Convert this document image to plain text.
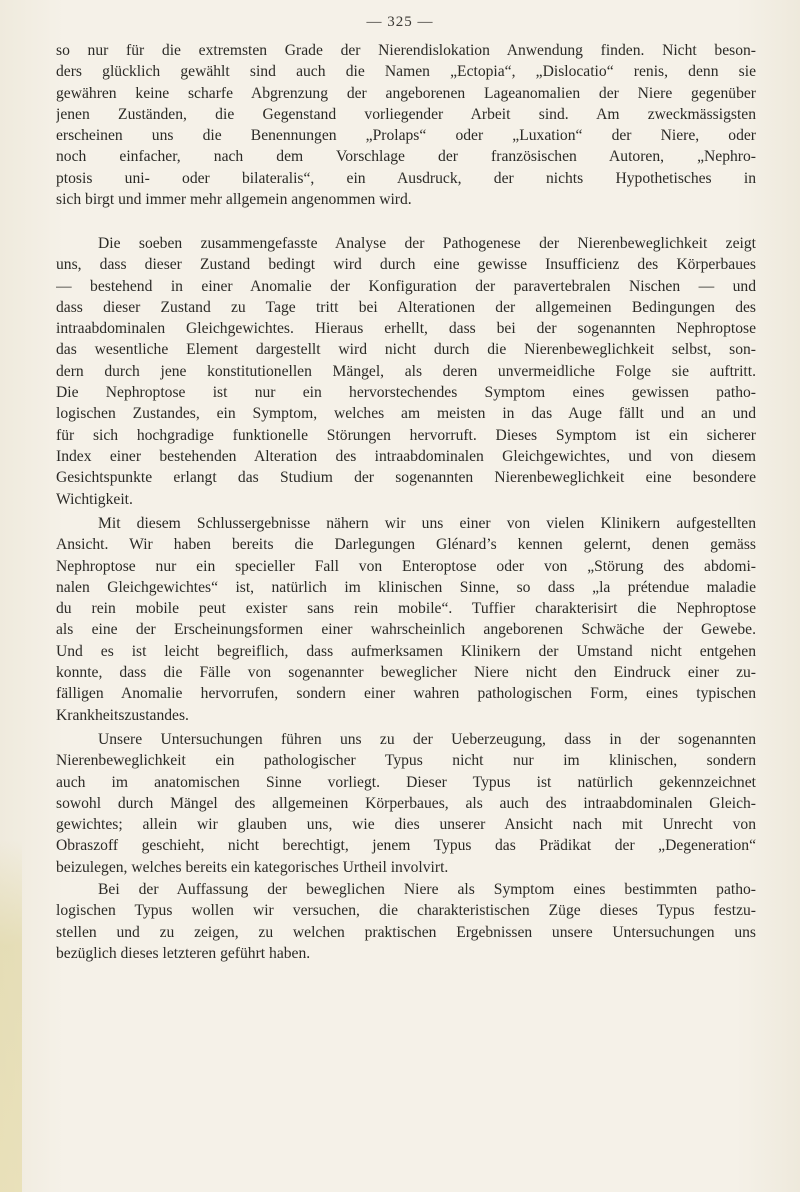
— 325 —
so nur für die extremsten Grade der Nierendislokation Anwendung finden. Nicht beson-
ders glücklich gewählt sind auch die Namen „Ectopia“, „Dislocatio“ renis, denn sie
gewähren keine scharfe Abgrenzung der angeborenen Lageanomalien der Niere gegenüber
jenen Zuständen, die Gegenstand vorliegender Arbeit sind. Am zweckmässigsten
erscheinen uns die Benennungen „Prolaps“ oder „Luxation“ der Niere, oder
noch einfacher, nach dem Vorschlage der französischen Autoren, „Nephro-
ptosis uni- oder bilateralis“, ein Ausdruck, der nichts Hypothetisches in
sich birgt und immer mehr allgemein angenommen wird.
Die soeben zusammengefasste Analyse der Pathogenese der Nierenbeweglichkeit zeigt
uns, dass dieser Zustand bedingt wird durch eine gewisse Insufficienz des Körperbaues
— bestehend in einer Anomalie der Konfiguration der paravertebralen Nischen — und
dass dieser Zustand zu Tage tritt bei Alterationen der allgemeinen Bedingungen des
intraabdominalen Gleichgewichtes. Hieraus erhellt, dass bei der sogenannten Nephroptose
das wesentliche Element dargestellt wird nicht durch die Nierenbeweglichkeit selbst, son-
dern durch jene konstitutionellen Mängel, als deren unvermeidliche Folge sie auftritt.
Die Nephroptose ist nur ein hervorstechendes Symptom eines gewissen patho-
logischen Zustandes, ein Symptom, welches am meisten in das Auge fällt und an und
für sich hochgradige funktionelle Störungen hervorruft. Dieses Symptom ist ein sicherer
Index einer bestehenden Alteration des intraabdominalen Gleichgewichtes, und von diesem
Gesichtspunkte erlangt das Studium der sogenannten Nierenbeweglichkeit eine besondere
Wichtigkeit.
Mit diesem Schlussergebnisse nähern wir uns einer von vielen Klinikern aufgestellten
Ansicht. Wir haben bereits die Darlegungen Glénard’s kennen gelernt, denen gemäss
Nephroptose nur ein specieller Fall von Enteroptose oder von „Störung des abdomi-
nalen Gleichgewichtes“ ist, natürlich im klinischen Sinne, so dass „la prétendue maladie
du rein mobile peut exister sans rein mobile“. Tuffier charakterisirt die Nephroptose
als eine der Erscheinungsformen einer wahrscheinlich angeborenen Schwäche der Gewebe.
Und es ist leicht begreiflich, dass aufmerksamen Klinikern der Umstand nicht entgehen
konnte, dass die Fälle von sogenannter beweglicher Niere nicht den Eindruck einer zu-
fälligen Anomalie hervorrufen, sondern einer wahren pathologischen Form, eines typischen
Krankheitszustandes.
Unsere Untersuchungen führen uns zu der Ueberzeugung, dass in der sogenannten
Nierenbeweglichkeit ein pathologischer Typus nicht nur im klinischen, sondern
auch im anatomischen Sinne vorliegt. Dieser Typus ist natürlich gekennzeichnet
sowohl durch Mängel des allgemeinen Körperbaues, als auch des intraabdominalen Gleich-
gewichtes; allein wir glauben uns, wie dies unserer Ansicht nach mit Unrecht von
Obraszoff geschieht, nicht berechtigt, jenem Typus das Prädikat der „Degeneration“
beizulegen, welches bereits ein kategorisches Urtheil involvirt.
Bei der Auffassung der beweglichen Niere als Symptom eines bestimmten patho-
logischen Typus wollen wir versuchen, die charakteristischen Züge dieses Typus festzu-
stellen und zu zeigen, zu welchen praktischen Ergebnissen unsere Untersuchungen uns
bezüglich dieses letzteren geführt haben.
